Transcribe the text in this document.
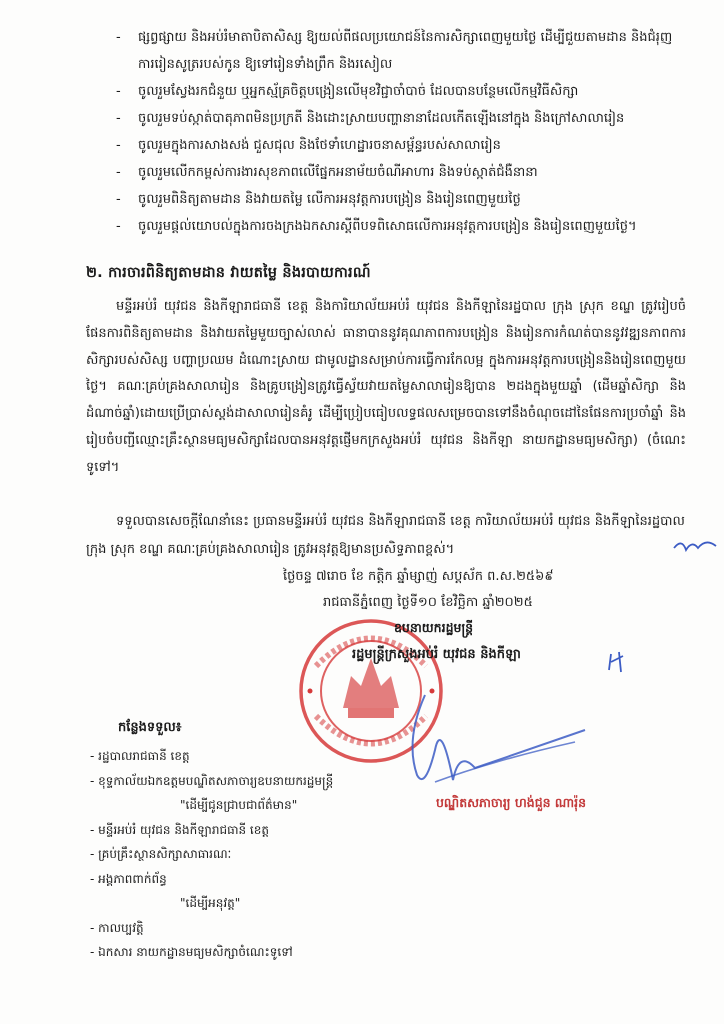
- ផ្សព្វផ្សាយ និងអប់រំមាតាបិតាសិស្ស ឱ្យយល់ពីផលប្រយោជន៍នៃការសិក្សាពេញមួយថ្ងៃ ដើម្បីជួយតាមដាន និងជំរុញការរៀនសូត្ររបស់កូន ឱ្យទៅរៀនទាំងព្រឹក និងរសៀល
- ចូលរួមស្វែងរកជំនួយ ឬអ្នកស្ម័គ្រចិត្តបង្រៀនលើមុខវិជ្ជាចាំបាច់ ដែលបានបន្ថែមលើកម្មវិធីសិក្សា
- ចូលរួមទប់ស្កាត់បាតុភាពមិនប្រក្រតី និងដោះស្រាយបញ្ហានានាដែលកើតឡើងនៅក្នុង និងក្រៅសាលារៀន
- ចូលរួមក្នុងការសាងសង់ ជួសជុល និងថែទាំហេដ្ឋារចនាសម្ព័ន្ធរបស់សាលារៀន
- ចូលរួមលើកកម្ពស់ការងារសុខភាពលើផ្នែកអនាម័យចំណីអាហារ និងទប់ស្កាត់ជំងឺនានា
- ចូលរួមពិនិត្យតាមដាន និងវាយតម្លៃ លើការអនុវត្តការបង្រៀន និងរៀនពេញមួយថ្ងៃ
- ចូលរួមផ្តល់យោបល់ក្នុងការចងក្រងឯកសារស្តីពីបទពិសោធលើការអនុវត្តការបង្រៀន និងរៀនពេញមួយថ្ងៃ។
២. ការចារពិនិត្យតាមដាន វាយតម្លៃ និងរបាយការណ៍

មន្ទីរអប់រំ យុវជន និងកីឡារាជធានី ខេត្ត និងការិយាល័យអប់រំ យុវជន និងកីឡានៃរដ្ឋបាល ក្រុង ស្រុក ខណ្ឌ ត្រូវរៀបចំផែនការពិនិត្យតាមដាន និងវាយតម្លៃមួយច្បាស់លាស់ ធានាបាននូវគុណភាពការបង្រៀន និងរៀនការកំណត់បាននូវវឌ្ឍនភាពការសិក្សារបស់សិស្ស បញ្ហាប្រឈម ដំណោះស្រាយ ជាមូលដ្ឋានសម្រាប់ការធ្វើការកែលម្អ ក្នុងការអនុវត្តការបង្រៀននិងរៀនពេញមួយថ្ងៃ។ គណៈគ្រប់គ្រងសាលារៀន និងគ្រូបង្រៀនត្រូវធ្វើស្វ័យវាយតម្លៃសាលារៀនឱ្យបាន ២ដងក្នុងមួយឆ្នាំ (ដើមឆ្នាំសិក្សា និងដំណាច់ឆ្នាំ)ដោយប្រើប្រាស់ស្តង់ដាសាលារៀនគំរូ ដើម្បីប្រៀបធៀបលទ្ធផលសម្រេចបានទៅនឹងចំណុចដៅនៃផែនការប្រចាំឆ្នាំ និងរៀបចំបញ្ជីឈ្មោះគ្រឹះស្ថានមធ្យមសិក្សាដែលបានអនុវត្តផ្ញើមកក្រសួងអប់រំ យុវជន និងកីឡា នាយកដ្ឋានមធ្យមសិក្សា) (ចំណេះទូទៅ។

ទទួលបានសេចក្តីណែនាំនេះ ប្រធានមន្ទីរអប់រំ យុវជន និងកីឡារាជធានី ខេត្ត ការិយាល័យអប់រំ យុវជន និងកីឡានៃរដ្ឋបាល ក្រុង ស្រុក ខណ្ឌ គណៈគ្រប់គ្រងសាលារៀន ត្រូវអនុវត្តឱ្យមានប្រសិទ្ធភាពខ្ពស់។

ថ្ងៃចន្ទ ៧រោច ខែ កត្តិក ឆ្នាំម្សាញ់ សប្តស័ក ព.ស.២៥៦៩
រាជធានីភ្នំពេញ ថ្ងៃទី១០ ខែវិច្ឆិកា ឆ្នាំ២០២៥
ឧបនាយករដ្ឋមន្ត្រី
រដ្ឋមន្ត្រីក្រសួងអប់រំ យុវជន និងកីឡា
បណ្ឌិតសភាចារ្យ ហង់ជួន ណារ៉ុន
កន្លែងទទួល៖
- រដ្ឋបាលរាជធានី ខេត្ត
- ខុទ្ទកាល័យឯកឧត្តមបណ្ឌិតសភាចារ្យឧបនាយករដ្ឋមន្ត្រី
"ដើម្បីជូនជ្រាបជាព័ត៌មាន"
- មន្ទីរអប់រំ យុវជន និងកីឡារាជធានី ខេត្ត
- គ្រប់គ្រឹះស្ថានសិក្សាសាធារណៈ
- អង្គភាពពាក់ព័ន្ធ
"ដើម្បីអនុវត្ត"
- កាលប្បវត្តិ
- ឯកសារ នាយកដ្ឋានមធ្យមសិក្សាចំណេះទូទៅ
